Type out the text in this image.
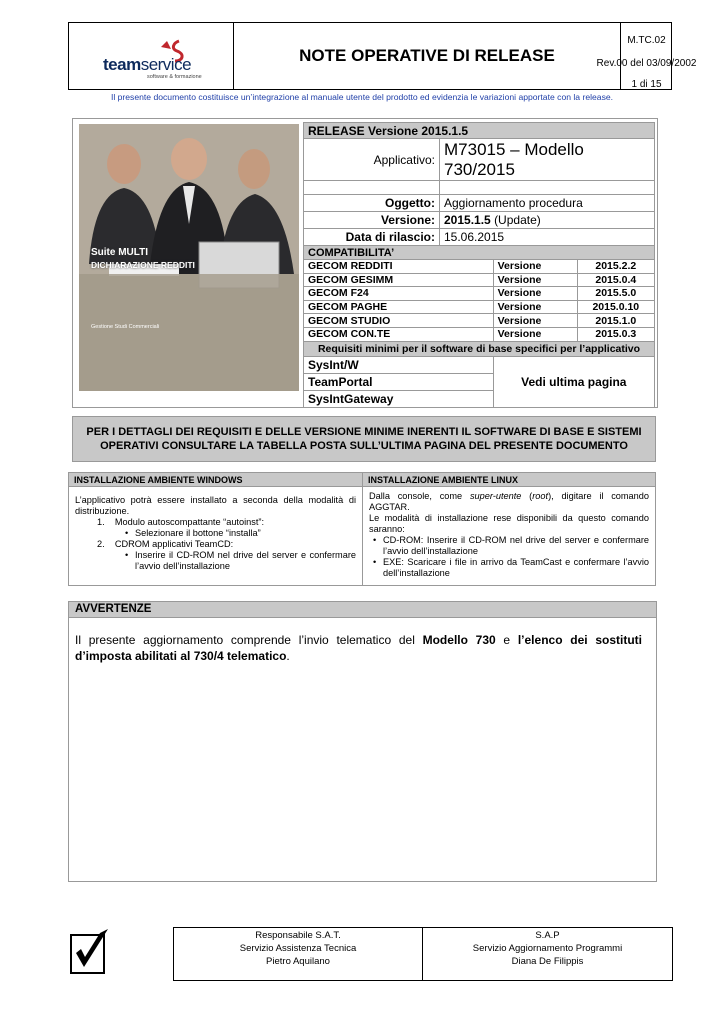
teamservice
software & formazione
NOTE OPERATIVE DI RELEASE
M.TC.02
Rev.00 del 03/09/2002
1 di 15
Il presente documento costituisce un’integrazione al manuale utente del prodotto ed evidenzia le variazioni apportate con la release.
Suite MULTI
DICHIARAZIONE REDDITI
Gestione Studi Commerciali
RELEASE Versione 2015.1.5			
Applicativo:	M73015 – Modello 730/2015		

Oggetto:	Aggiornamento procedura		
Versione:	2015.1.5 (Update)		
Data di rilascio:	15.06.2015		
COMPATIBILITA’			
GECOM REDDITI		Versione	2015.2.2
GECOM GESIMM		Versione	2015.0.4
GECOM F24		Versione	2015.5.0
GECOM PAGHE		Versione	2015.0.10
GECOM STUDIO		Versione	2015.1.0
GECOM CON.TE		Versione	2015.0.3
Requisiti minimi per il software di base specifici per l’applicativo			
SysInt/W			
TeamPortal		Vedi ultima pagina	
SysIntGateway			
PER I DETTAGLI DEI REQUISITI E DELLE VERSIONE MINIME INERENTI IL SOFTWARE DI BASE E SISTEMI OPERATIVI CONSULTARE LA TABELLA POSTA SULL’ULTIMA PAGINA DEL PRESENTE DOCUMENTO
INSTALLAZIONE AMBIENTE WINDOWS
L’applicativo potrà essere installato a seconda della modalità di distribuzione.
1.    Modulo autoscompattante “autoinst”:
• Selezionare il bottone “installa”
2.    CDROM applicativi TeamCD:
• Inserire il CD-ROM nel drive del server e confermare l’avvio dell’installazione
INSTALLAZIONE AMBIENTE LINUX
Dalla console, come super-utente (root), digitare il comando AGGTAR.
Le modalità di installazione rese disponibili da questo comando saranno:
• CD-ROM: Inserire il CD-ROM nel drive del server e confermare l’avvio dell’installazione
• EXE: Scaricare i file in arrivo da TeamCast e confermare l’avvio dell’installazione
AVVERTENZE
Il presente aggiornamento comprende l’invio telematico del Modello 730 e l’elenco dei sostituti d’imposta abilitati al 730/4 telematico.
Responsabile S.A.T.
Servizio Assistenza Tecnica
Pietro Aquilano
S.A.P
Servizio Aggiornamento Programmi
Diana De Filippis
